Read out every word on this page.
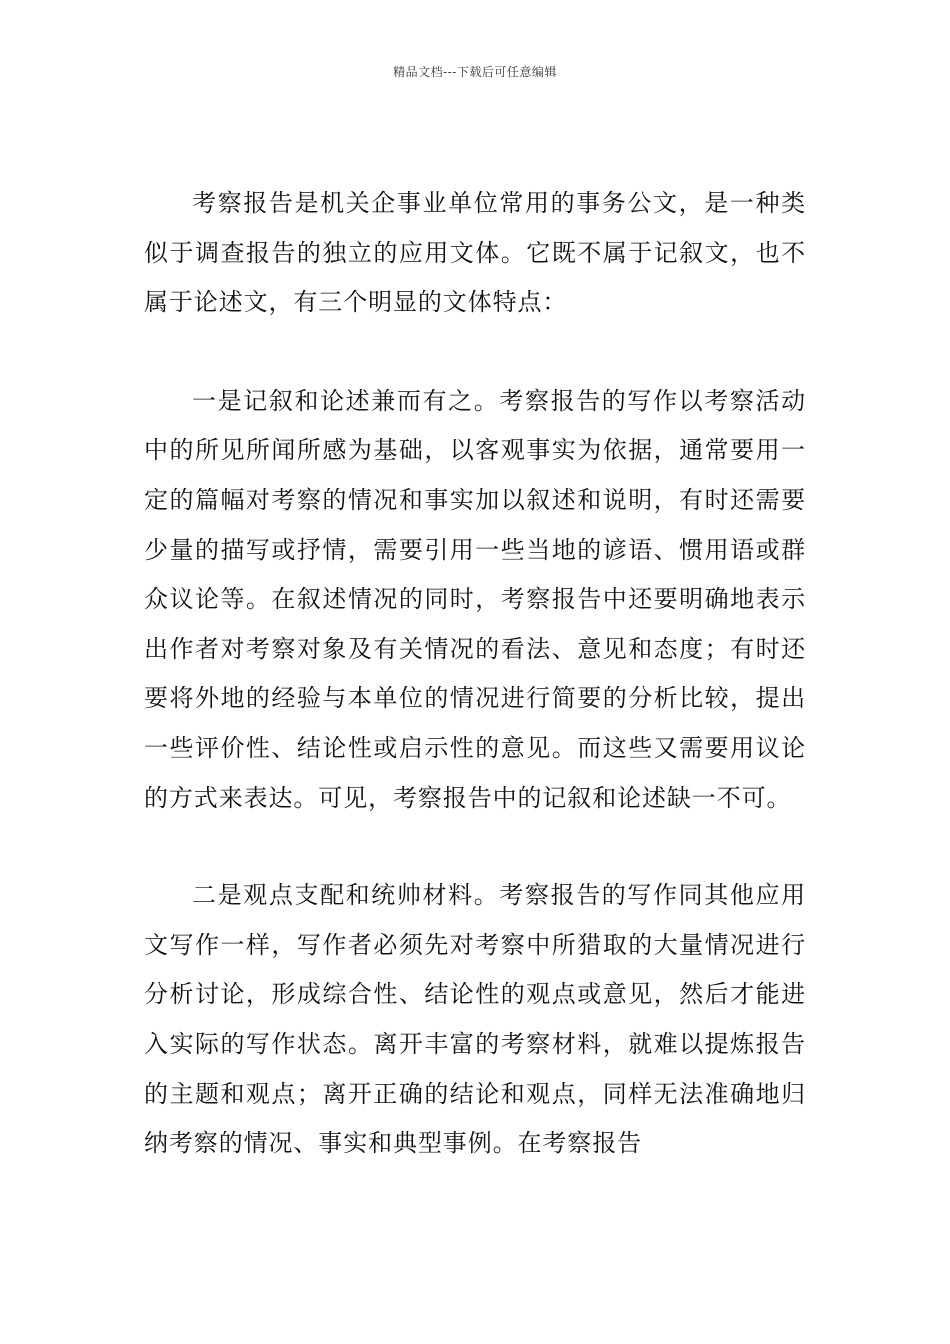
精品文档---下载后可任意编辑

考察报告是机关企事业单位常用的事务公文，是一种类似于调查报告的独立的应用文体。它既不属于记叙文，也不属于论述文，有三个明显的文体特点：

一是记叙和论述兼而有之。考察报告的写作以考察活动中的所见所闻所感为基础，以客观事实为依据，通常要用一定的篇幅对考察的情况和事实加以叙述和说明，有时还需要少量的描写或抒情，需要引用一些当地的谚语、惯用语或群众议论等。在叙述情况的同时，考察报告中还要明确地表示出作者对考察对象及有关情况的看法、意见和态度；有时还要将外地的经验与本单位的情况进行简要的分析比较，提出一些评价性、结论性或启示性的意见。而这些又需要用议论的方式来表达。可见，考察报告中的记叙和论述缺一不可。

二是观点支配和统帅材料。考察报告的写作同其他应用文写作一样，写作者必须先对考察中所猎取的大量情况进行分析讨论，形成综合性、结论性的观点或意见，然后才能进入实际的写作状态。离开丰富的考察材料，就难以提炼报告的主题和观点；离开正确的结论和观点，同样无法准确地归纳考察的情况、事实和典型事例。在考察报告
